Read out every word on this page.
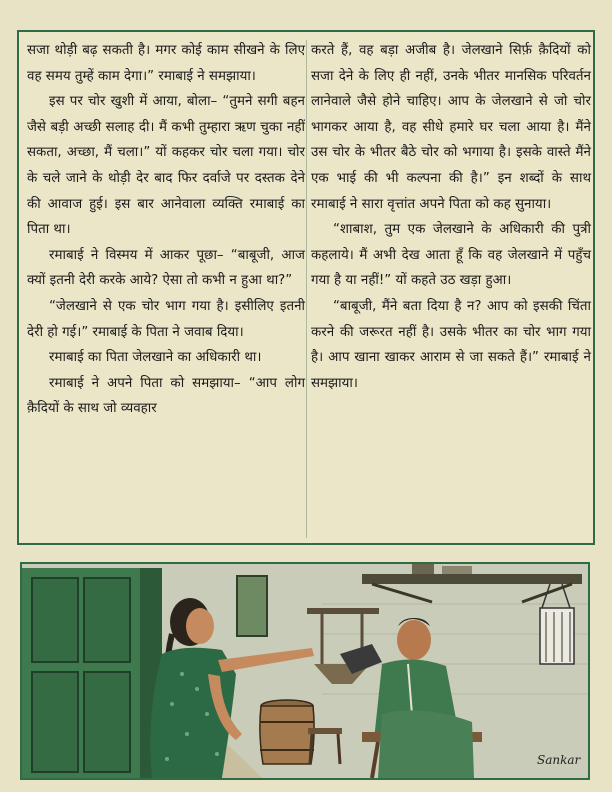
सजा थोड़ी बढ़ सकती है। मगर कोई काम सीखने के लिए वह समय तुम्हें काम देगा।” रमाबाई ने समझाया।

इस पर चोर खुशी में आया, बोला– “तुमने सगी बहन जैसे बड़ी अच्छी सलाह दी। मैं कभी तुम्हारा ऋण चुका नहीं सकता, अच्छा, मैं चला।” यों कहकर चोर चला गया। चोर के चले जाने के थोड़ी देर बाद फिर दर्वाजे पर दस्तक देने की आवाज हुई। इस बार आनेवाला व्यक्ति रमाबाई का पिता था।

रमाबाई ने विस्मय में आकर पूछा– “बाबूजी, आज क्यों इतनी देरी करके आये? ऐसा तो कभी न हुआ था?”

“जेलखाने से एक चोर भाग गया है। इसीलिए इतनी देरी हो गई।” रमाबाई के पिता ने जवाब दिया।

रमाबाई का पिता जेलखाने का अधिकारी था।

रमाबाई ने अपने पिता को समझाया– “आप लोग क़ैदियों के साथ जो व्यवहार

करते हैं, वह बड़ा अजीब है। जेलखाने सिर्फ़ क़ैदियों को सजा देने के लिए ही नहीं, उनके भीतर मानसिक परिवर्तन लानेवाले जैसे होने चाहिए। आप के जेलखाने से जो चोर भागकर आया है, वह सीधे हमारे घर चला आया है। मैंने उस चोर के भीतर बैठे चोर को भगाया है। इसके वास्ते मैंने एक भाई की भी कल्पना की है।” इन शब्दों के साथ रमाबाई ने सारा वृत्तांत अपने पिता को कह सुनाया।

“शाबाश, तुम एक जेलखाने के अधिकारी की पुत्री कहलाये। मैं अभी देख आता हूँ कि वह जेलखाने में पहुँच गया है या नहीं!” यों कहते उठ खड़ा हुआ।

“बाबूजी, मैंने बता दिया है न? आप को इसकी चिंता करने की जरूरत नहीं है। उसके भीतर का चोर भाग गया है। आप खाना खाकर आराम से जा सकते हैं।” रमाबाई ने समझाया।

Sankar
